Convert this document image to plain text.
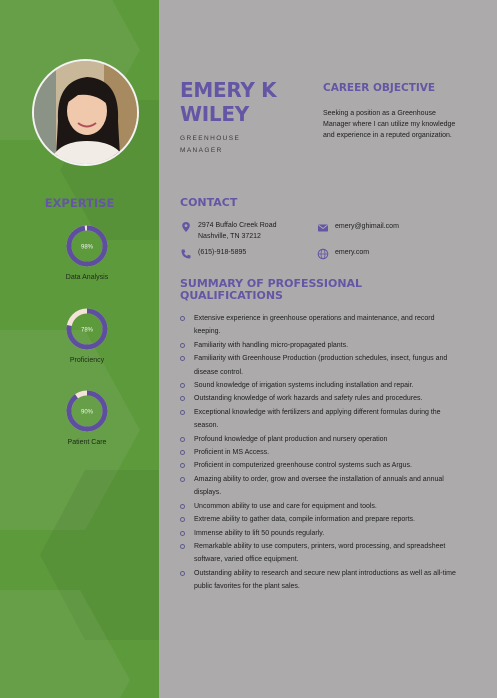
EXPERTISE
98%
Data Analysis
78%
Proficiency
90%
Patient Care
EMERY K
WILEY
GREENHOUSE
MANAGER
CAREER OBJECTIVE
Seeking a position as a Greenhouse Manager where I can utilize my knowledge and experience in a reputed organization.
CONTACT
2974 Buffalo Creek Road
Nashville, TN 37212
(615)-918-5895
emery@ghimail.com
emery.com
SUMMARY OF PROFESSIONAL
QUALIFICATIONS
Extensive experience in greenhouse operations and maintenance, and record keeping.
Familiarity with handling micro-propagated plants.
Familiarity with Greenhouse Production (production schedules, insect, fungus and disease control.
Sound knowledge of irrigation systems including installation and repair.
Outstanding knowledge of work hazards and safety rules and procedures.
Exceptional knowledge with fertilizers and applying different formulas during the season.
Profound knowledge of plant production and nursery operation
Proficient in MS Access.
Proficient in computerized greenhouse control systems such as Argus.
Amazing ability to order, grow and oversee the installation of annuals and annual displays.
Uncommon ability to use and care for equipment and tools.
Extreme ability to gather data, compile information and prepare reports.
Immense ability to lift 50 pounds regularly.
Remarkable ability to use computers, printers, word processing, and spreadsheet software, varied office equipment.
Outstanding ability to research and secure new plant introductions as well as all-time public favorites for the plant sales.
